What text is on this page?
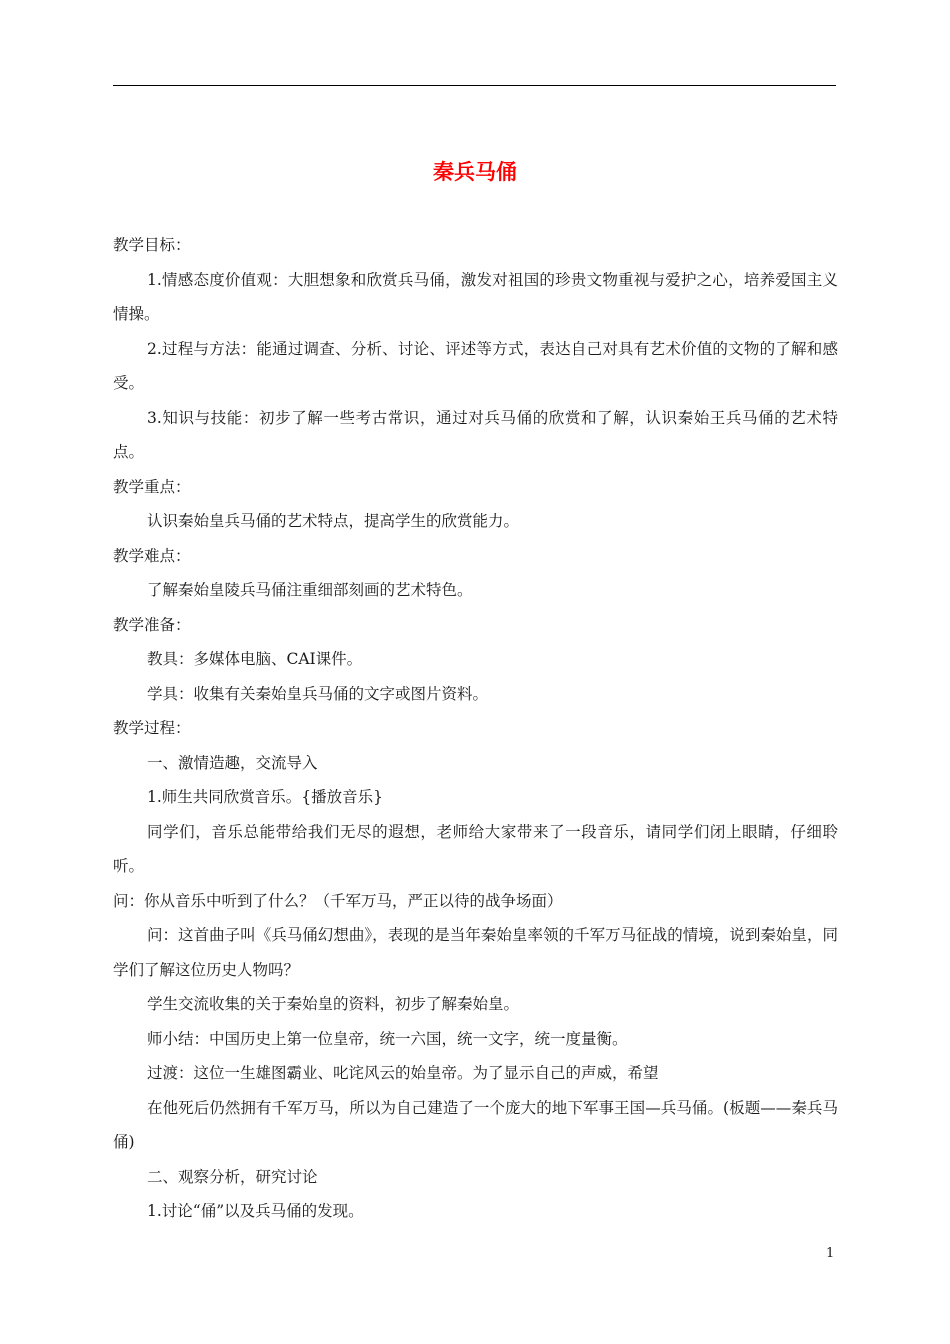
秦兵马俑

教学目标：

1.情感态度价值观：大胆想象和欣赏兵马俑，激发对祖国的珍贵文物重视与爱护之心，培养爱国主义情操。

2.过程与方法：能通过调查、分析、讨论、评述等方式，表达自己对具有艺术价值的文物的了解和感受。

3.知识与技能：初步了解一些考古常识，通过对兵马俑的欣赏和了解，认识秦始王兵马俑的艺术特点。

教学重点：

认识秦始皇兵马俑的艺术特点，提高学生的欣赏能力。

教学难点：

了解秦始皇陵兵马俑注重细部刻画的艺术特色。

教学准备：

教具：多媒体电脑、CAI课件。

学具：收集有关秦始皇兵马俑的文字或图片资料。

教学过程：

一、激情造趣，交流导入

1.师生共同欣赏音乐。{播放音乐}

同学们，音乐总能带给我们无尽的遐想，老师给大家带来了一段音乐，请同学们闭上眼睛，仔细聆听。

问：你从音乐中听到了什么？（千军万马，严正以待的战争场面）

问：这首曲子叫《兵马俑幻想曲》，表现的是当年秦始皇率领的千军万马征战的情境，说到秦始皇，同学们了解这位历史人物吗？

学生交流收集的关于秦始皇的资料，初步了解秦始皇。

师小结：中国历史上第一位皇帝，统一六国，统一文字，统一度量衡。

过渡：这位一生雄图霸业、叱诧风云的始皇帝。为了显示自己的声威，希望

在他死后仍然拥有千军万马，所以为自己建造了一个庞大的地下军事王国—兵马俑。(板题——秦兵马俑)

二、观察分析，研究讨论

1.讨论“俑”以及兵马俑的发现。

1
